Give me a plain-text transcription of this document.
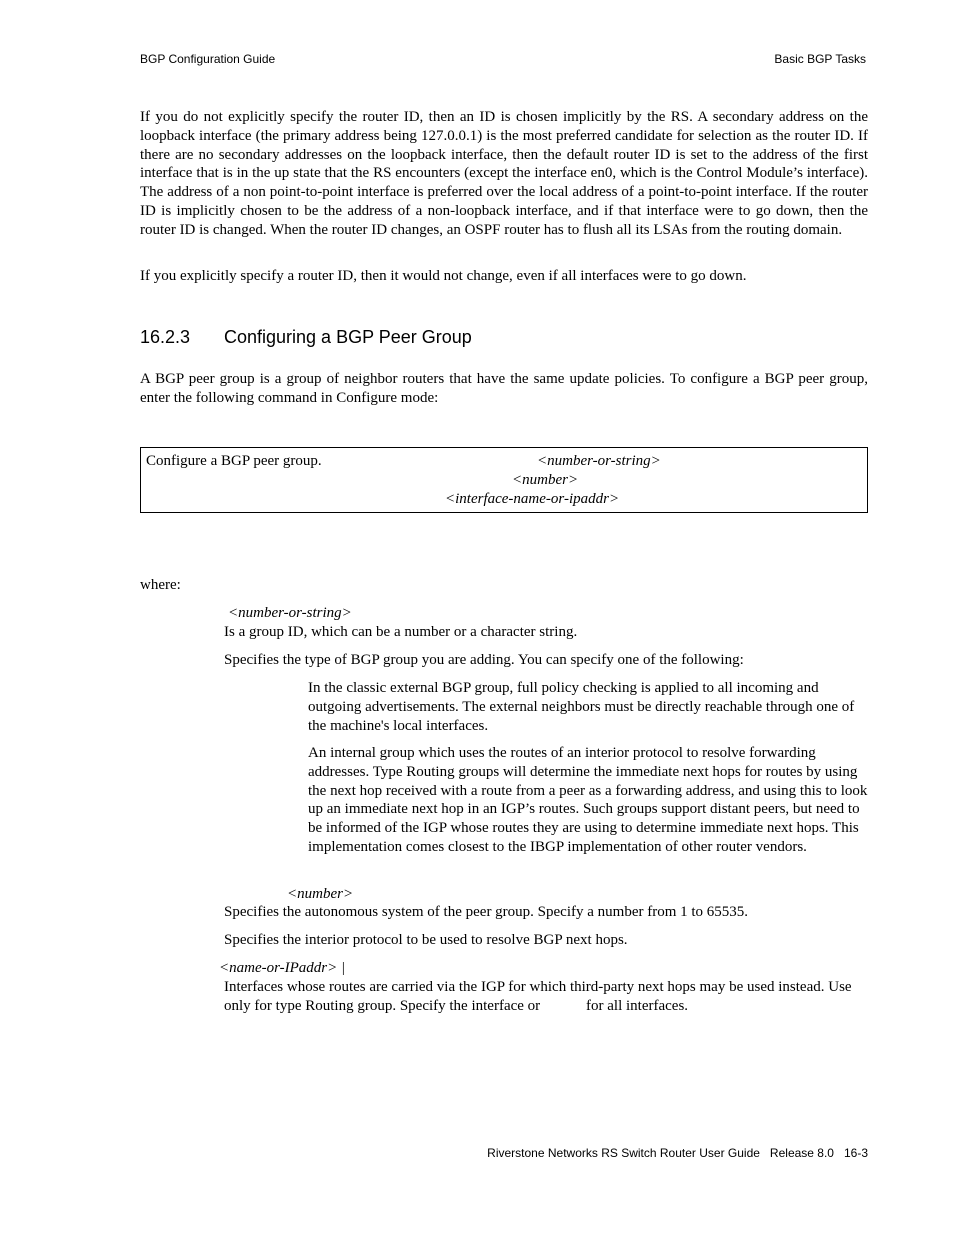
BGP Configuration Guide	Basic BGP Tasks

If you do not explicitly specify the router ID, then an ID is chosen implicitly by the RS. A secondary address on the loopback interface (the primary address being 127.0.0.1) is the most preferred candidate for selection as the router ID. If there are no secondary addresses on the loopback interface, then the default router ID is set to the address of the first interface that is in the up state that the RS encounters (except the interface en0, which is the Control Module’s interface). The address of a non point-to-point interface is preferred over the local address of a point-to-point interface. If the router ID is implicitly chosen to be the address of a non-loopback interface, and if that interface were to go down, then the router ID is changed. When the router ID changes, an OSPF router has to flush all its LSAs from the routing domain.

If you explicitly specify a router ID, then it would not change, even if all interfaces were to go down.

16.2.3 Configuring a BGP Peer Group

A BGP peer group is a group of neighbor routers that have the same update policies. To configure a BGP peer group, enter the following command in Configure mode:

Configure a BGP peer group.	<number-or-string>
<number>
<interface-name-or-ipaddr>
where:
<number-or-string>
Is a group ID, which can be a number or a character string.
Specifies the type of BGP group you are adding. You can specify one of the following:

In the classic external BGP group, full policy checking is applied to all incoming and outgoing advertisements. The external neighbors must be directly reachable through one of the machine's local interfaces.

An internal group which uses the routes of an interior protocol to resolve forwarding addresses. Type Routing groups will determine the immediate next hops for routes by using the next hop received with a route from a peer as a forwarding address, and using this to look up an immediate next hop in an IGP’s routes. Such groups support distant peers, but need to be informed of the IGP whose routes they are using to determine immediate next hops. This implementation comes closest to the IBGP implementation of other router vendors.

<number>
Specifies the autonomous system of the peer group. Specify a number from 1 to 65535.
Specifies the interior protocol to be used to resolve BGP next hops.
<name-or-IPaddr> |
Interfaces whose routes are carried via the IGP for which third-party next hops may be used instead. Use
only for type Routing group. Specify the interface or	for all interfaces.
Riverstone Networks RS Switch Router User Guide   Release 8.0   16-3
